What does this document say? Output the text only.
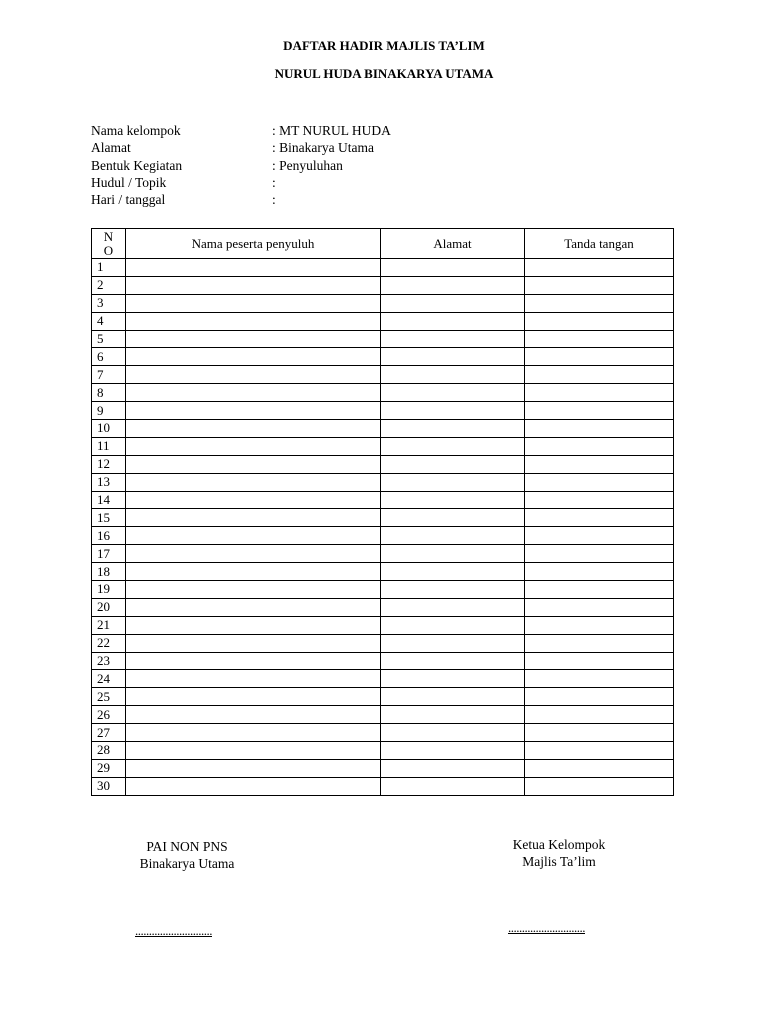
DAFTAR HADIR MAJLIS TA’LIM
NURUL HUDA BINAKARYA UTAMA
Nama kelompok	: MT NURUL HUDA
Alamat	: Binakarya Utama
Bentuk Kegiatan	: Penyuluhan
Hudul / Topik	:
Hari / tanggal	:
NO	Nama peserta penyuluh	Alamat	Tanda tangan
1			
2			
3			
4			
5			
6			
7			
8			
9			
10			
11			
12			
13			
14			
15			
16			
17			
18			
19			
20			
21			
22			
23			
24			
25			
26			
27			
28			
29			
30			
PAI NON PNS
Binakarya Utama
............................
Ketua Kelompok
Majlis Ta’lim
............................
